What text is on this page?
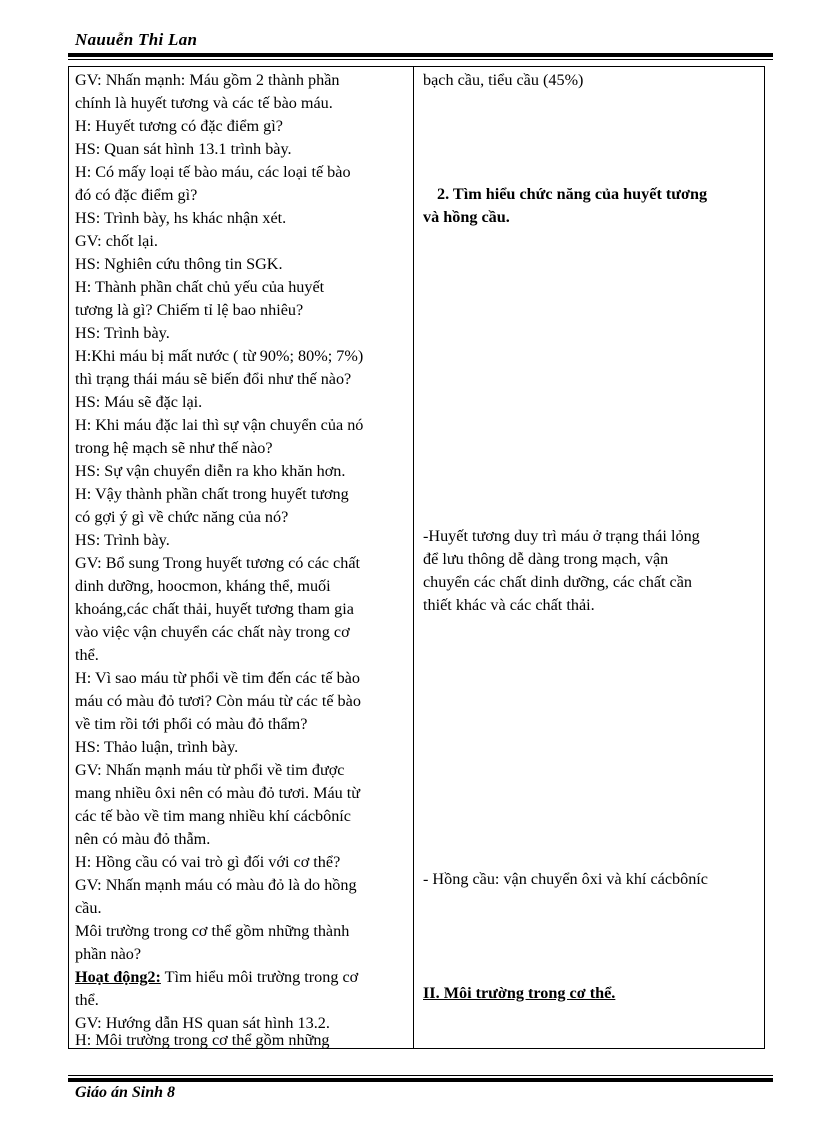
Nauuễn Thi Lan
GV: Nhấn mạnh: Máu gồm 2 thành phần
chính là huyết tương và các tế bào máu.
H: Huyết tương có đặc điểm gì?
HS: Quan sát hình 13.1 trình bày.
H: Có mấy loại tế bào máu, các loại tế bào
đó có đặc điểm gì?
HS: Trình bày, hs khác nhận xét.
GV: chốt lại.
HS: Nghiên cứu thông tin SGK.
H: Thành phần chất chủ yếu của huyết
tương là gì? Chiếm tỉ lệ bao nhiêu?
HS: Trình bày.
H:Khi máu bị mất nước ( từ 90%; 80%; 7%)
thì trạng thái máu sẽ biến đổi như thế nào?
HS: Máu sẽ đặc lại.
H: Khi máu đặc lai thì sự vận chuyển của nó
trong hệ mạch sẽ như thế nào?
HS: Sự vận chuyển diễn ra kho khăn hơn.
H: Vậy thành phần chất trong huyết tương
có gợi ý gì về chức năng của nó?
HS: Trình bày.
GV: Bổ sung Trong huyết tương có các chất
dinh dưỡng, hoocmon, kháng thể, muối
khoáng,các chất thải, huyết tương tham gia
vào việc vận chuyển các chất này trong cơ
thể.
H: Vì sao máu từ phổi về tim đến các tế bào
máu có màu đỏ tươi? Còn máu từ các tế bào
về tim rồi tới phổi có màu đỏ thẩm?
HS: Thảo luận, trình bày.
GV: Nhấn mạnh máu từ phổi về tim được
mang nhiều ôxi nên có màu đỏ tươi. Máu từ
các tế bào về tim mang nhiều khí cácbôníc
nên có màu đỏ thẫm.
H: Hồng cầu có vai trò gì đối với cơ thể?
GV: Nhấn mạnh máu có màu đỏ là do hồng
cầu.
Môi trường trong cơ thể gồm những thành
phần nào?
Hoạt động2: Tìm hiểu môi trường trong cơ
thể.
GV: Hướng dẫn HS quan sát hình 13.2.
H: Môi trường trong cơ thể gồm những
bạch cầu, tiểu cầu (45%)
2. Tìm hiểu chức năng của huyết tương
và hồng cầu.
-Huyết tương duy trì máu ở trạng thái lỏng
để lưu thông dễ dàng trong mạch, vận
chuyển các chất dinh dưỡng, các chất cần
thiết khác và các chất thải.
- Hồng cầu: vận chuyển ôxi và khí cácbôníc
II. Môi trường trong cơ thể.
Giáo án Sinh 8
